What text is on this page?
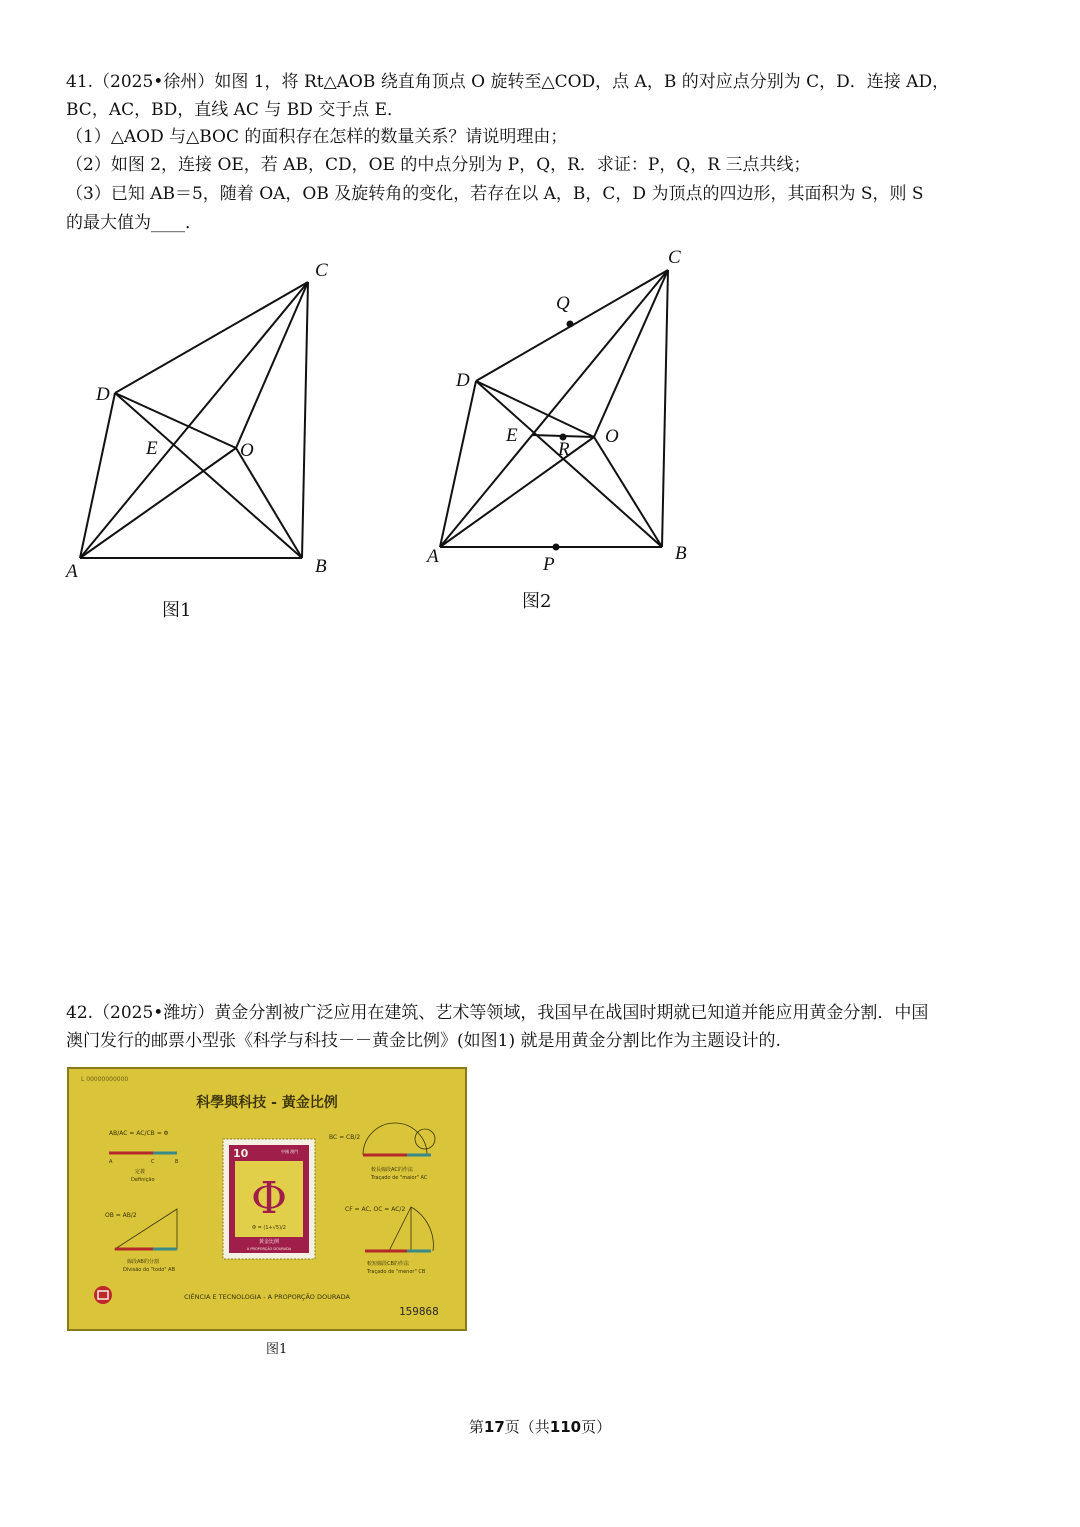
41.（2025•徐州）如图 1，将 Rt△AOB 绕直角顶点 O 旋转至△COD，点 A，B 的对应点分别为 C，D．连接 AD，
BC，AC，BD，直线 AC 与 BD 交于点 E．
（1）△AOD 与△BOC 的面积存在怎样的数量关系？请说明理由；
（2）如图 2，连接 OE，若 AB，CD，OE 的中点分别为 P，Q，R．求证：P，Q，R 三点共线；
（3）已知 AB＝5，随着 OA，OB 及旋转角的变化，若存在以 A，B，C，D 为顶点的四边形，其面积为 S，则 S
的最大值为____．
A	B
C
D
E	O
图1
A	B
C
D
E	O
Q
R
P
图2
42.（2025•潍坊）黄金分割被广泛应用在建筑、艺术等领域，我国早在战国时期就已知道并能应用黄金分割．中国
澳门发行的邮票小型张《科学与科技－－黄金比例》(如图1) 就是用黄金分割比作为主题设计的.
L 00000000000
科學與科技 - 黃金比例
AB/AC = AC/CB = Φ
A	C	B
定義
Definição
OB = AB/2
線段AB的分割
Divisão do "todo" AB
BC = CB/2
較長線段AC的作法
Traçado de "maior" AC
CF = AC, OC = AC/2
較短線段CB的作法
Traçado de "menor" CB
10	中國 澳門
Φ
Φ = (1+√5)/2
黃金比例
A PROPORÇÃO DOURADA
CIÊNCIA E TECNOLOGIA - A PROPORÇÃO DOURADA
159868
图1
第17页（共110页）
